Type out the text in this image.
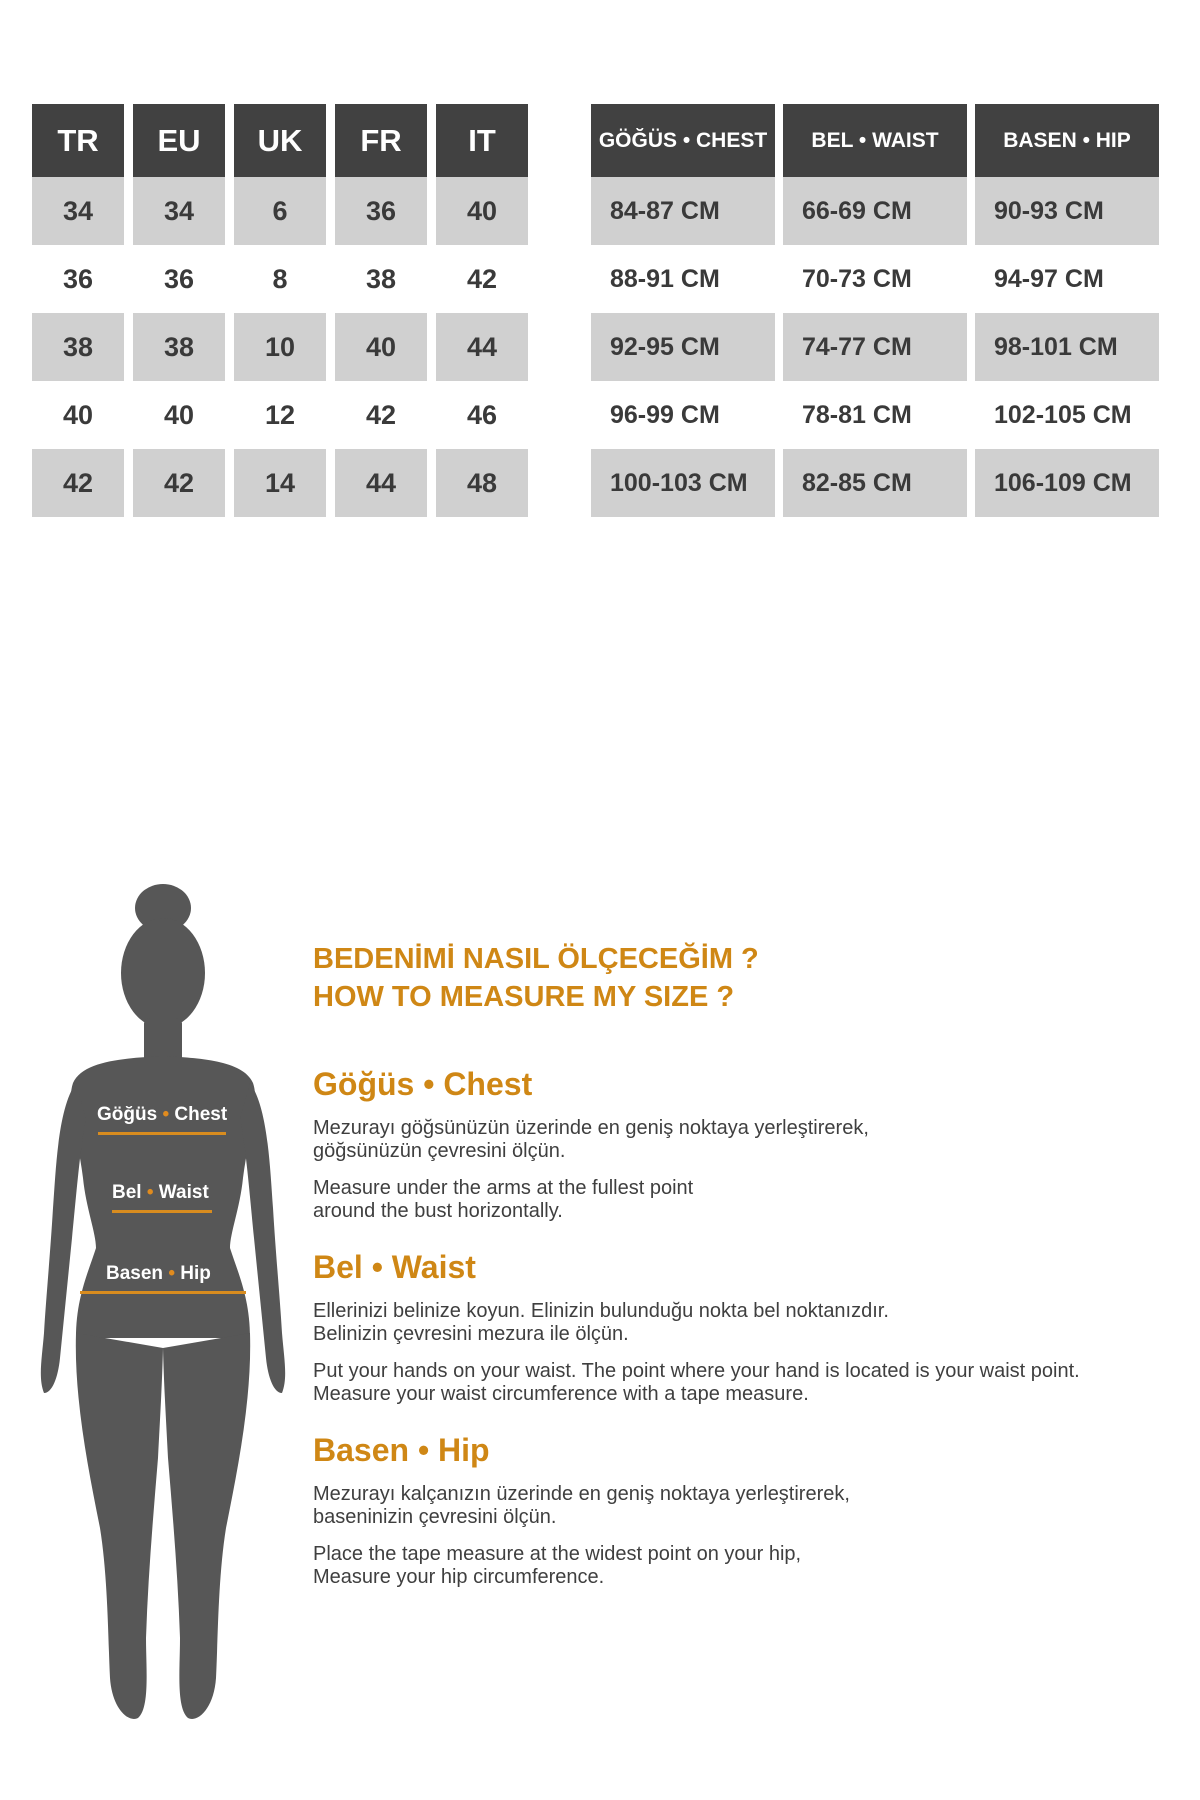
TR	EU	UK	FR	IT
34	34	6	36	40
36	36	8	38	42
38	38	10	40	44
40	40	12	42	46
42	42	14	44	48
GÖĞÜS • CHEST	BEL • WAIST	BASEN • HIP
84-87 CM	66-69 CM	90-93 CM
88-91 CM	70-73 CM	94-97 CM
92-95 CM	74-77 CM	98-101 CM
96-99 CM	78-81 CM	102-105 CM
100-103 CM	82-85 CM	106-109 CM
Göğüs • Chest
Bel • Waist
Basen • Hip

BEDENİMİ NASIL ÖLÇECEĞİM ?

HOW TO MEASURE MY SIZE ?

Göğüs • Chest

Mezurayı göğsünüzün üzerinde en geniş noktaya yerleştirerek,
göğsünüzün çevresini ölçün.

Measure under the arms at the fullest point
around the bust horizontally.

Bel • Waist

Ellerinizi belinize koyun. Elinizin bulunduğu nokta bel noktanızdır.
Belinizin çevresini mezura ile ölçün.

Put your hands on your waist. The point where your hand is located is your waist point.
Measure your waist circumference with a tape measure.

Basen • Hip

Mezurayı kalçanızın üzerinde en geniş noktaya yerleştirerek,
baseninizin çevresini ölçün.

Place the tape measure at the widest point on your hip,
Measure your hip circumference.
